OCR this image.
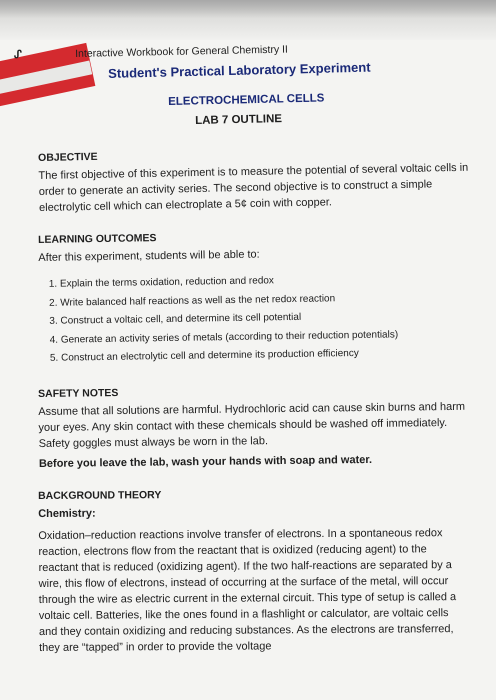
ᔑ	Interactive Workbook for General Chemistry II
Student's Practical Laboratory Experiment
ELECTROCHEMICAL CELLS
LAB 7 OUTLINE
OBJECTIVE

The first objective of this experiment is to measure the potential of several voltaic cells in order to generate an activity series. The second objective is to construct a simple electrolytic cell which can electroplate a 5¢ coin with copper.

LEARNING OUTCOMES

After this experiment, students will be able to:

1. Explain the terms oxidation, reduction and redox
2. Write balanced half reactions as well as the net redox reaction
3. Construct a voltaic cell, and determine its cell potential
4. Generate an activity series of metals (according to their reduction potentials)
5. Construct an electrolytic cell and determine its production efficiency
SAFETY NOTES

Assume that all solutions are harmful. Hydrochloric acid can cause skin burns and harm your eyes. Any skin contact with these chemicals should be washed off immediately. Safety goggles must always be worn in the lab.

Before you leave the lab, wash your hands with soap and water.
BACKGROUND THEORY
Chemistry:

Oxidation–reduction reactions involve transfer of electrons. In a spontaneous redox reaction, electrons flow from the reactant that is oxidized (reducing agent) to the reactant that is reduced (oxidizing agent). If the two half-reactions are separated by a wire, this flow of electrons, instead of occurring at the surface of the metal, will occur through the wire as electric current in the external circuit. This type of setup is called a voltaic cell. Batteries, like the ones found in a flashlight or calculator, are voltaic cells and they contain oxidizing and reducing substances. As the electrons are transferred, they are “tapped” in order to provide the voltage
